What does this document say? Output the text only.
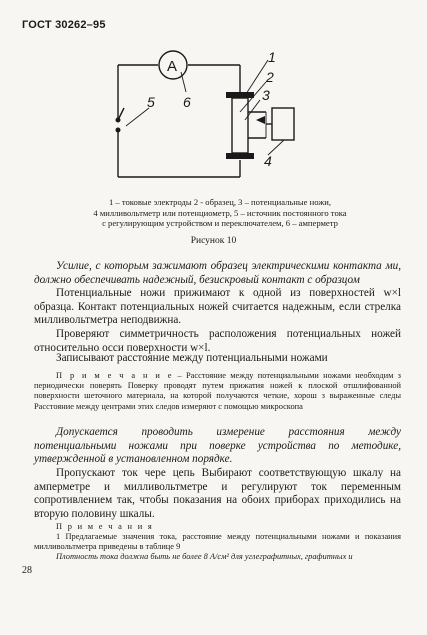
ГОСТ 30262–95
A
1
2
3
4
5 6
1 – токовые электроды 2 - образец, 3 – потенциальные ножи,
4 милливольтметр или потенциометр, 5 – источник постоянного тока
с регулирующим устройством и переключателем, 6 – амперметр
Рисунок 10

Усилие, с которым зажимают образец электрическими контакта ми, должно обеспечивать надежный, безискровый контакт с образцом

Потенциальные ножи прижимают к одной из поверхностей w×l образца. Контакт потенциальных ножей считается надежным, если стрелка милливольтметра неподвижна.

Проверяют симметричность расположения потенциальных ножей относительно осси поверхности w×l.

Записывают расстояние между потенциальными ножами

П р и м е ч а н и е – Расстояние между потенциальными ножами необходим з периодически поверять Поверку проводят путем прижатия ножей к плоской отшлифованной поверхности шеточного материала, на которой получаются четкие, хорош з выраженные следы Расстояние между центрами этих следов измеряют с помощью микроскопа

Допускается проводить измерение расстояния между потенциальными ножами при поверке устройства по методике, утвержденной в установленном порядке.

Пропускают ток чере цепь Выбирают соответствующую шкалу на амперметре и милливольтметре и регулируют ток переменным сопротивлением так, чтобы показания на обоих приборах приходились на вторую половину шкалы.

П р и м е ч а н и я

1 Предлагаемые значения тока, расстояние между потенциальными ножами и показания милливольтметра приведены в таблице 9

Плотность тока должна быть не более 8 А/см² для углеграфитных, графитных и

28
